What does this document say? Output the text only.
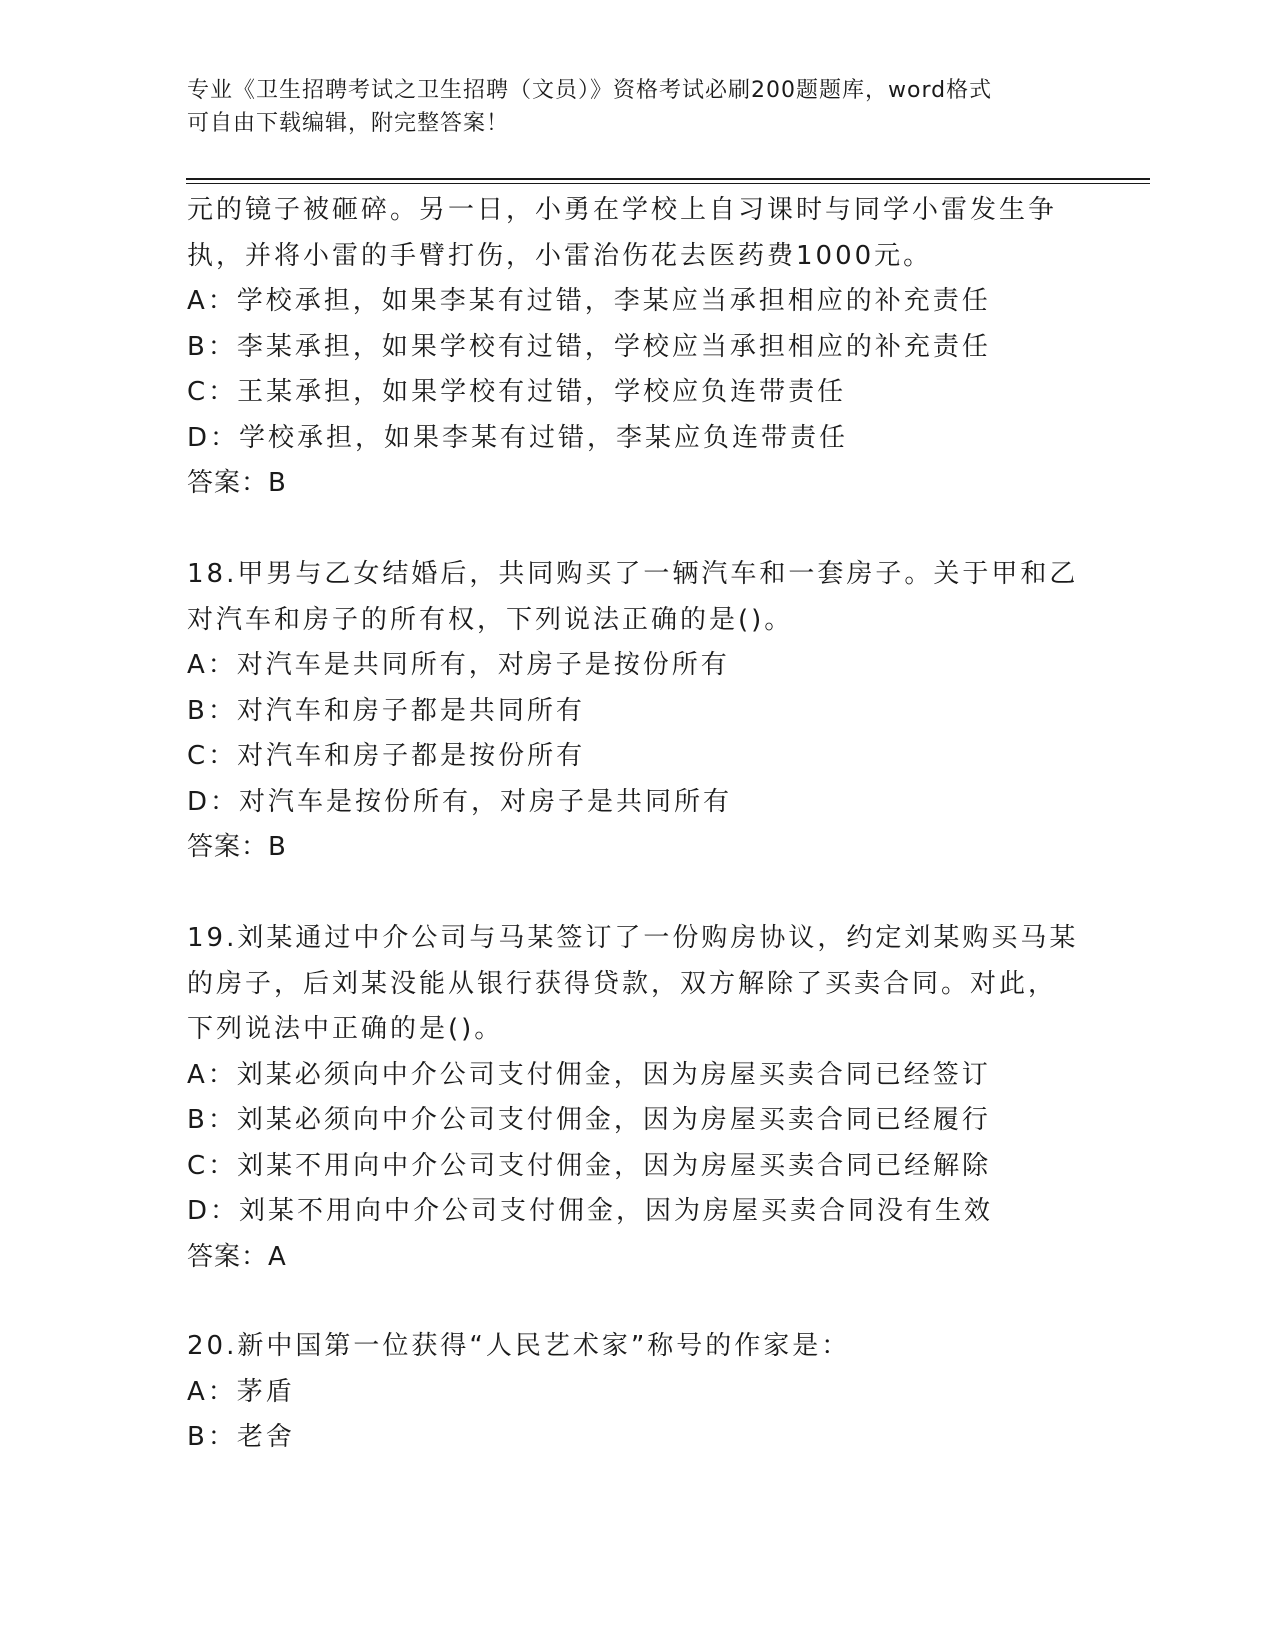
专业《卫生招聘考试之卫生招聘（文员）》资格考试必刷200题题库，word格式
可自由下载编辑，附完整答案！
元的镜子被砸碎。另一日，小勇在学校上自习课时与同学小雷发生争
执，并将小雷的手臂打伤，小雷治伤花去医药费1000元。
A：学校承担，如果李某有过错，李某应当承担相应的补充责任
B：李某承担，如果学校有过错，学校应当承担相应的补充责任
C：王某承担，如果学校有过错，学校应负连带责任
D：学校承担，如果李某有过错，李某应负连带责任
答案：B
18.甲男与乙女结婚后，共同购买了一辆汽车和一套房子。关于甲和乙
对汽车和房子的所有权，下列说法正确的是()。
A：对汽车是共同所有，对房子是按份所有
B：对汽车和房子都是共同所有
C：对汽车和房子都是按份所有
D：对汽车是按份所有，对房子是共同所有
答案：B
19.刘某通过中介公司与马某签订了一份购房协议，约定刘某购买马某
的房子，后刘某没能从银行获得贷款，双方解除了买卖合同。对此，
下列说法中正确的是()。
A：刘某必须向中介公司支付佣金，因为房屋买卖合同已经签订
B：刘某必须向中介公司支付佣金，因为房屋买卖合同已经履行
C：刘某不用向中介公司支付佣金，因为房屋买卖合同已经解除
D：刘某不用向中介公司支付佣金，因为房屋买卖合同没有生效
答案：A
20.新中国第一位获得“人民艺术家”称号的作家是：
A：茅盾
B：老舍
